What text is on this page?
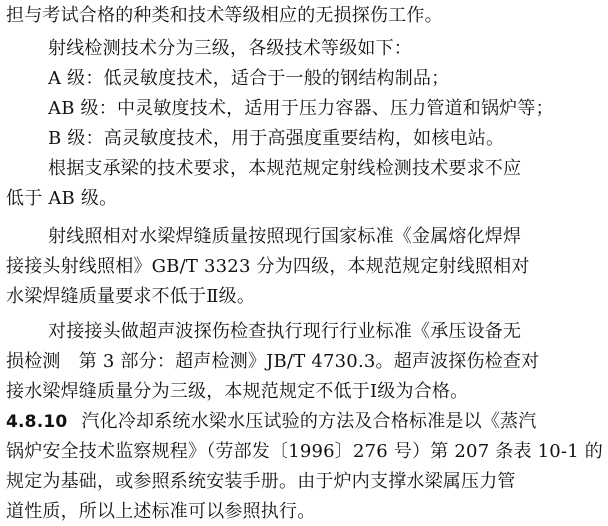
担与考试合格的种类和技术等级相应的无损探伤工作。
射线检测技术分为三级，各级技术等级如下：
A 级：低灵敏度技术，适合于一般的钢结构制品；
AB 级：中灵敏度技术，适用于压力容器、压力管道和锅炉等；
B 级：高灵敏度技术，用于高强度重要结构，如核电站。
根据支承梁的技术要求，本规范规定射线检测技术要求不应
低于 AB 级。
射线照相对水梁焊缝质量按照现行国家标准《金属熔化焊焊
接接头射线照相》GB/T 3323 分为四级，本规范规定射线照相对
水梁焊缝质量要求不低于Ⅱ级。
对接接头做超声波探伤检查执行现行行业标准《承压设备无
损检测　第 3 部分：超声检测》JB/T 4730.3。超声波探伤检查对
接水梁焊缝质量分为三级，本规范规定不低于Ⅰ级为合格。
4.8.10 汽化冷却系统水梁水压试验的方法及合格标准是以《蒸汽
锅炉安全技术监察规程》（劳部发〔1996〕276 号）第 207 条表 10-1 的
规定为基础，或参照系统安装手册。由于炉内支撑水梁属压力管
道性质，所以上述标准可以参照执行。
